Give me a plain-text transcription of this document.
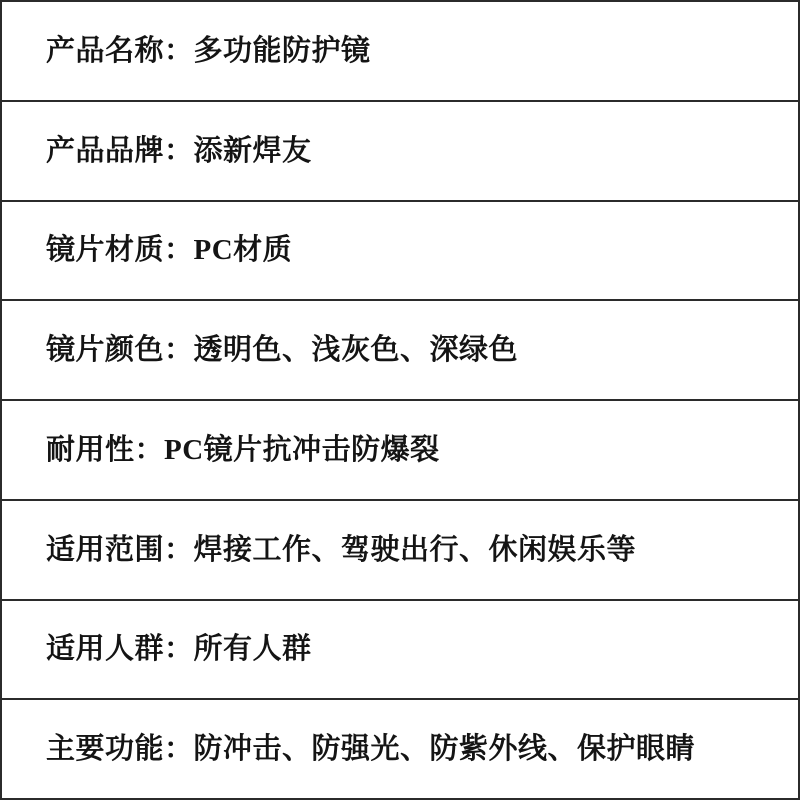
产品名称：多功能防护镜
产品品牌：添新焊友
镜片材质：PC材质
镜片颜色：透明色、浅灰色、深绿色
耐用性：PC镜片抗冲击防爆裂
适用范围：焊接工作、驾驶出行、休闲娱乐等
适用人群：所有人群
主要功能：防冲击、防强光、防紫外线、保护眼睛
